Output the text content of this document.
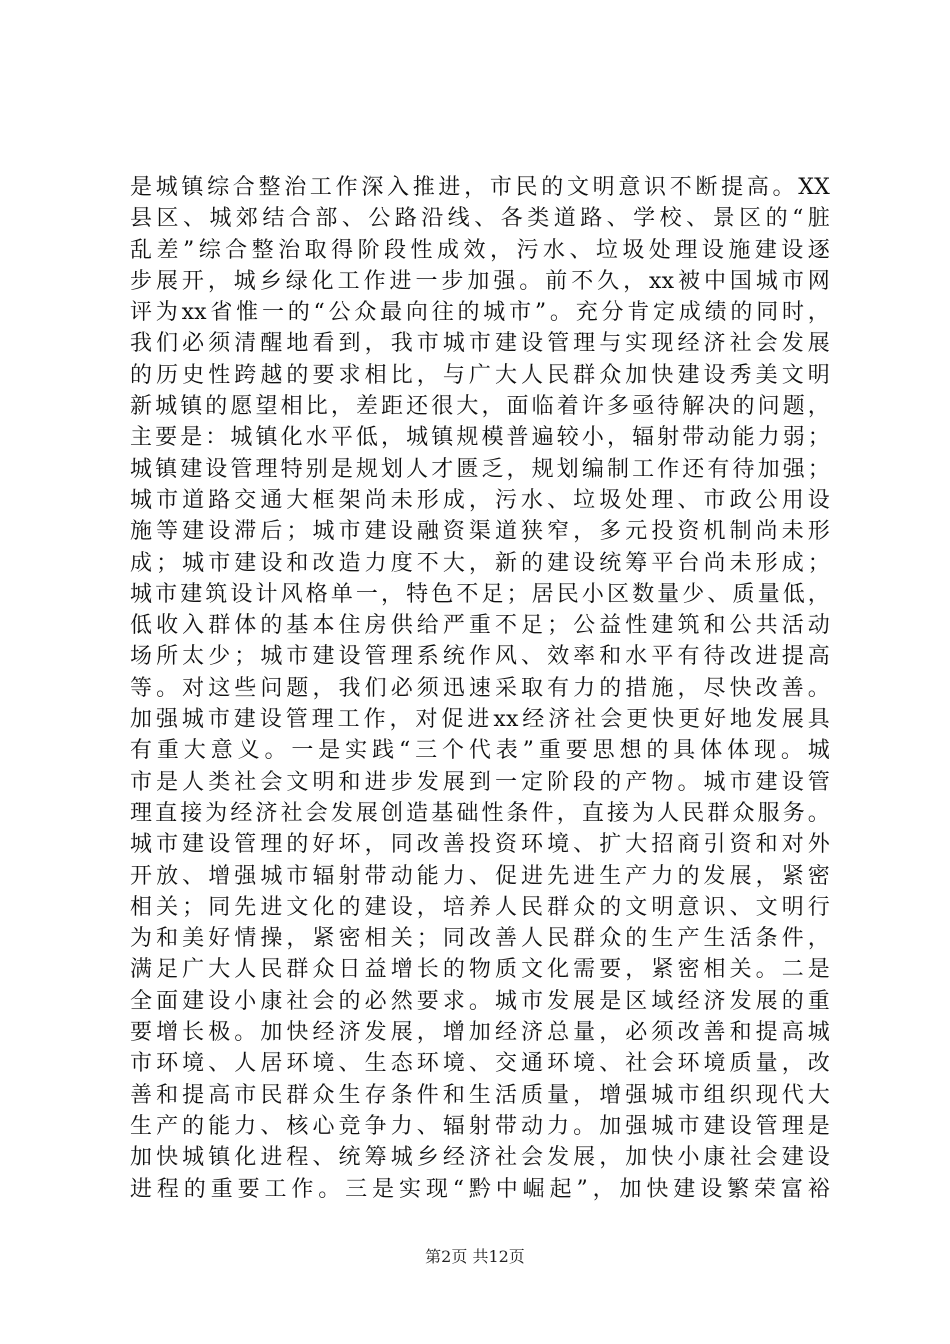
是城镇综合整治工作深入推进，市民的文明意识不断提高。XX
县区、城郊结合部、公路沿线、各类道路、学校、景区的“脏
乱差”综合整治取得阶段性成效，污水、垃圾处理设施建设逐
步展开，城乡绿化工作进一步加强。前不久，xx被中国城市网
评为xx省惟一的“公众最向往的城市”。充分肯定成绩的同时，
我们必须清醒地看到，我市城市建设管理与实现经济社会发展
的历史性跨越的要求相比，与广大人民群众加快建设秀美文明
新城镇的愿望相比，差距还很大，面临着许多亟待解决的问题，
主要是：城镇化水平低，城镇规模普遍较小，辐射带动能力弱；
城镇建设管理特别是规划人才匮乏，规划编制工作还有待加强；
城市道路交通大框架尚未形成，污水、垃圾处理、市政公用设
施等建设滞后；城市建设融资渠道狭窄，多元投资机制尚未形
成；城市建设和改造力度不大，新的建设统筹平台尚未形成；
城市建筑设计风格单一，特色不足；居民小区数量少、质量低，
低收入群体的基本住房供给严重不足；公益性建筑和公共活动
场所太少；城市建设管理系统作风、效率和水平有待改进提高
等。对这些问题，我们必须迅速采取有力的措施，尽快改善。
加强城市建设管理工作，对促进xx经济社会更快更好地发展具
有重大意义。一是实践“三个代表”重要思想的具体体现。城
市是人类社会文明和进步发展到一定阶段的产物。城市建设管
理直接为经济社会发展创造基础性条件，直接为人民群众服务。
城市建设管理的好坏，同改善投资环境、扩大招商引资和对外
开放、增强城市辐射带动能力、促进先进生产力的发展，紧密
相关；同先进文化的建设，培养人民群众的文明意识、文明行
为和美好情操，紧密相关；同改善人民群众的生产生活条件，
满足广大人民群众日益增长的物质文化需要，紧密相关。二是
全面建设小康社会的必然要求。城市发展是区域经济发展的重
要增长极。加快经济发展，增加经济总量，必须改善和提高城
市环境、人居环境、生态环境、交通环境、社会环境质量，改
善和提高市民群众生存条件和生活质量，增强城市组织现代大
生产的能力、核心竞争力、辐射带动力。加强城市建设管理是
加快城镇化进程、统筹城乡经济社会发展，加快小康社会建设
进程的重要工作。三是实现“黔中崛起”，加快建设繁荣富裕
第2页 共12页
